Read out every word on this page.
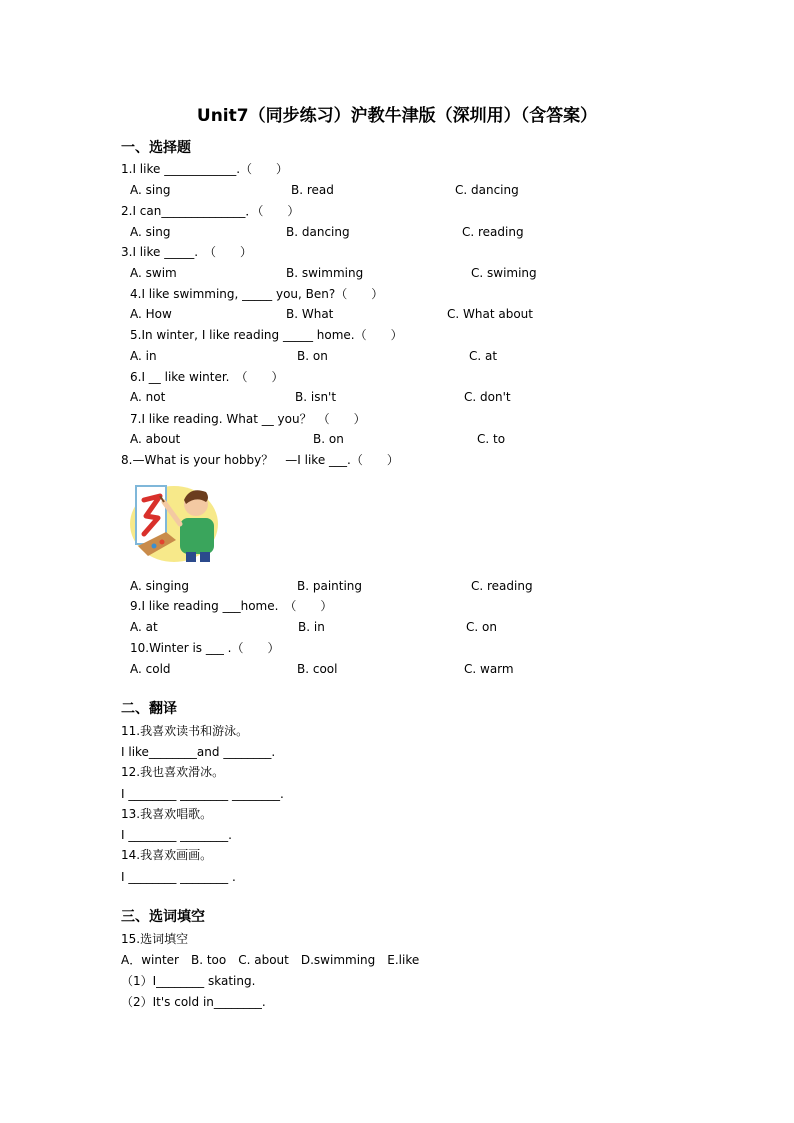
Unit7（同步练习）沪教牛津版（深圳用）（含答案）
一、选择题
1.I like ____________.（　　）
A. sing	B. read	C. dancing
2.I can______________．（　　）
A. sing	B. dancing	C. reading
3.I like _____.　（　　）
A. swim	B. swimming	C. swiming
4.I like swimming, _____ you, Ben?（　　）
A. How	B. What	C. What about
5.In winter, I like reading _____ home.（　　）
A. in	B. on	C. at
6.I __ like winter.　（　　）
A. not	B. isn't	C. don't
7.I like reading. What __ you？　（　　）
A. about	B. on	C. to
8.—What is your hobby？　—I like ___.（　　）
A. singing	B. painting	C. reading
9.I like reading ___home.　（　　）
A. at	B. in	C. on
10.Winter is ___ .（　　）
A. cold	B. cool	C. warm
二、翻译
11.我喜欢读书和游泳。
I like________and ________.
12.我也喜欢滑冰。
I ________ ________ ________.
13.我喜欢唱歌。
I ________ ________.
14.我喜欢画画。
I ________ ________ .
三、选词填空
15.选词填空
A．winter　B. too　C. about　D.swimming　E.like
（1）I________ skating.
（2）It's cold in________.
